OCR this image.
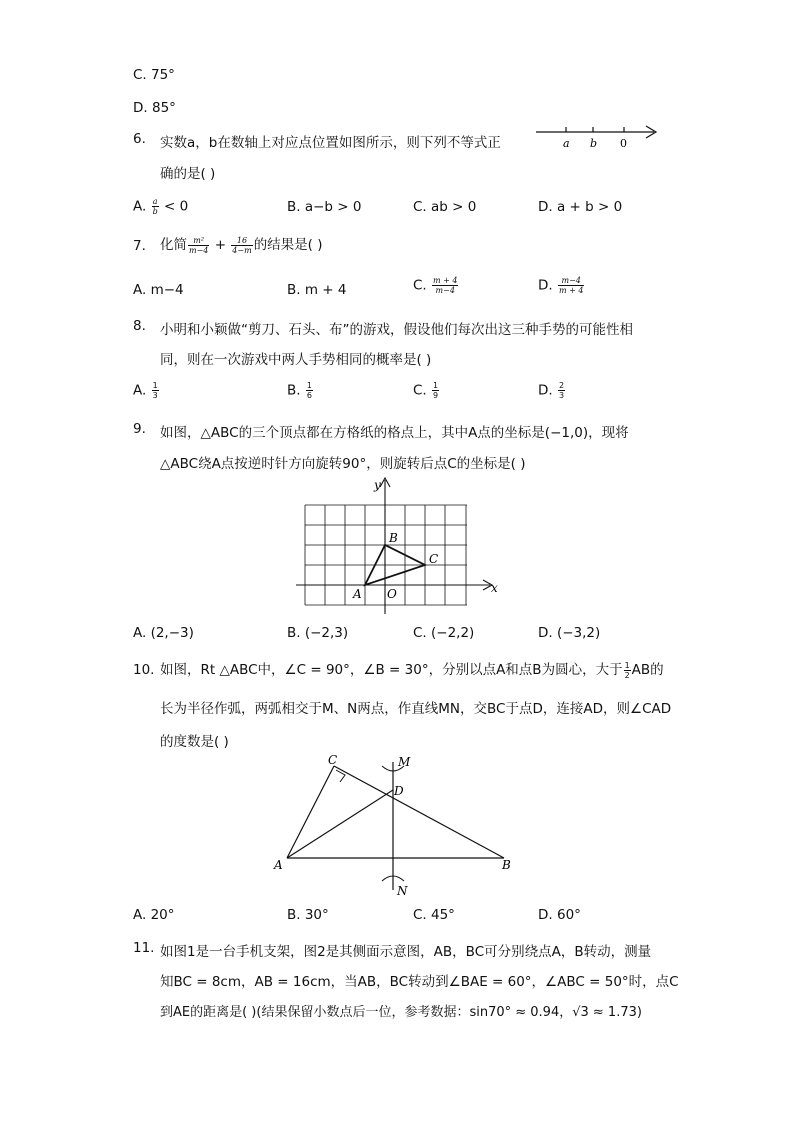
C. 75°
D. 85°
6. 实数a，b在数轴上对应点位置如图所示，则下列不等式正
确的是( )
a b 0
A. $\frac{a}{b} < 0$	B. a−b > 0	C. ab > 0	D. a + b > 0
7. 化简 $\frac{\text{m²}}{m-4} + \frac{16}{4-m}$ 的结果是( )
A. m−4	B. m + 4	C. $\frac{m + 4}{m-4}$	D. $\frac{m-4}{m + 4}$
8. 小明和小颖做“剪刀、石头、布”的游戏，假设他们每次出这三种手势的可能性相
同，则在一次游戏中两人手势相同的概率是( )
A. $\frac{1}{3}$	B. $\frac{1}{6}$	C. $\frac{1}{9}$	D. $\frac{2}{3}$
9. 如图，△ABC的三个顶点都在方格纸的格点上，其中A点的坐标是(−1,0)，现将
△ABC绕A点按逆时针方向旋转90°，则旋转后点C的坐标是( )
y
x
A O
B
C
A. (2,−3)	B. (−2,3)	C. (−2,2)	D. (−3,2)
10. 如图，Rt △ABC中，∠C = 90°，∠B = 30°，分别以点A和点B为圆心，大于 $\frac{1}{2}$ AB的
长为半径作弧，两弧相交于M、N两点，作直线MN，交BC于点D，连接AD，则∠CAD
的度数是( )
C	M
D
A	B
N
A. 20°	B. 30°	C. 45°	D. 60°
11. 如图1是一台手机支架，图2是其侧面示意图，AB，BC可分别绕点A，B转动，测量
知BC = 8cm，AB = 16cm，当AB，BC转动到∠BAE = 60°，∠ABC = 50°时，点C
到AE的距离是( )(结果保留小数点后一位，参考数据：sin70° ≈ 0.94，√3 ≈ 1.73)
